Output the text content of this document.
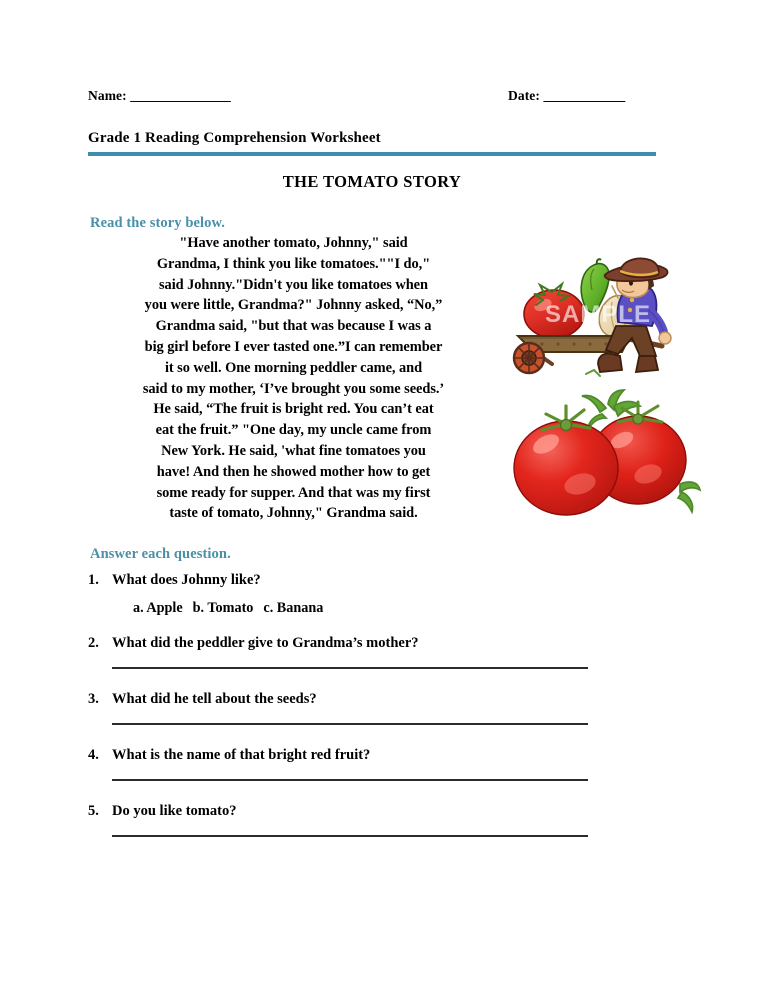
Name: ________________	Date: _____________
Grade 1 Reading Comprehension Worksheet
THE TOMATO STORY
Read the story below.
"Have another tomato, Johnny," said
Grandma, I think you like tomatoes.""I do,"
said Johnny."Didn't you like tomatoes when
you were little, Grandma?" Johnny asked, “No,”
Grandma said, "but that was because I was a
big girl before I ever tasted one.”I can remember
it so well. One morning peddler came, and
said to my mother, ‘I’ve brought you some seeds.’
He said, “The fruit is bright red. You can’t eat
eat the fruit.” "One day, my uncle came from
New York. He said, 'what fine tomatoes you
have! And then he showed mother how to get
some ready for supper. And that was my first
taste of tomato, Johnny," Grandma said.
Answer each question.
1. What does Johnny like?
a. Apple b. Tomato c. Banana
2. What did the peddler give to Grandma’s mother?
3. What did he tell about the seeds?
4. What is the name of that bright red fruit?
5. Do you like tomato?
SAMPLE
